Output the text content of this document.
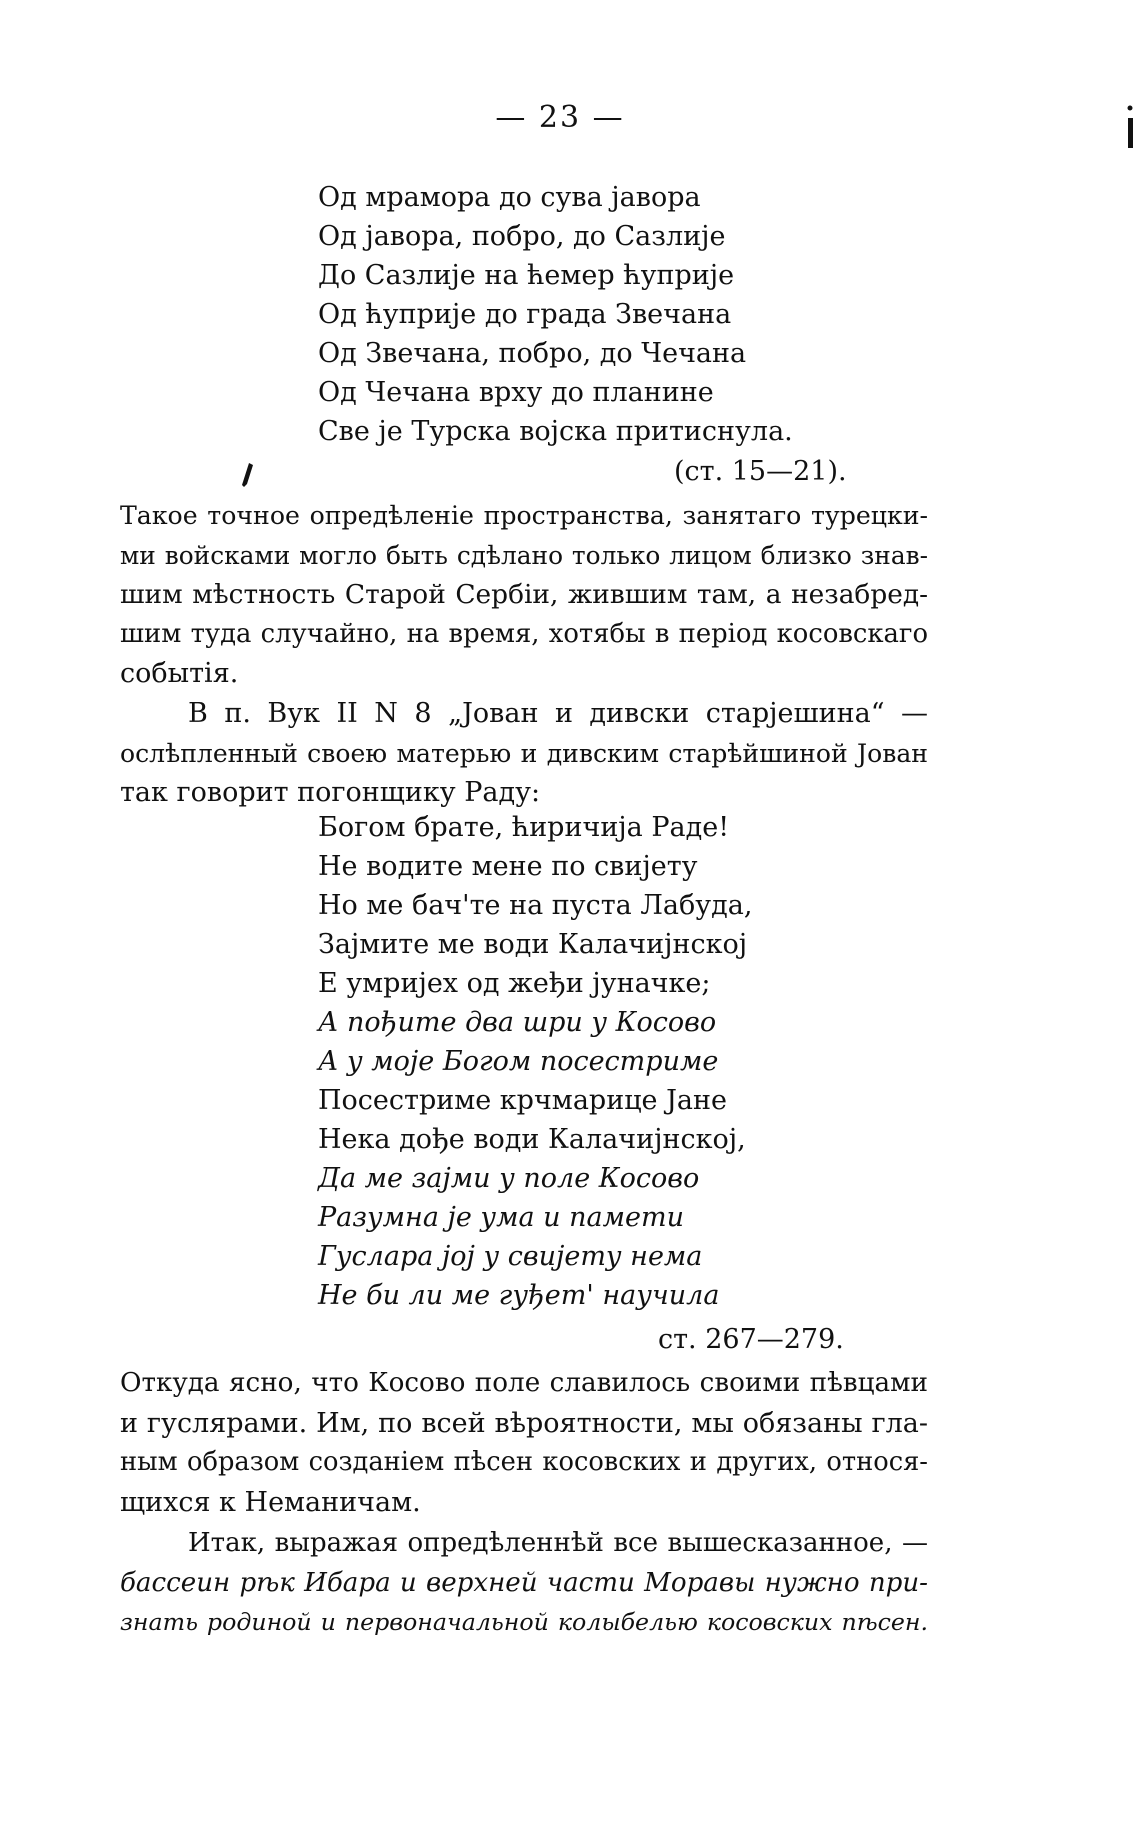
— 23 —
Од мрамора до сува јавора
Од јавора, побро, до Сазлије
До Сазлије на ћемер ћуприје
Од ћуприје до града Звечана
Од Звечана, побро, до Чечана
Од Чечана врху до планине
Све је Турска војска притиснула.
(ст. 15—21).
Такое точное опредѣленіе пространства, занятаго турецки-
ми войсками могло быть сдѣлано только лицом близко знав-
шим мѣстность Старой Сербіи, жившим там, а незабред-
шим туда случайно, на время, хотябы в період косовскаго
событія.
В п. Вук II N 8 „Јован и дивски старјешина“ —
ослѣпленный своею матерью и дивским старѣйшиной Јован
так говорит погонщику Раду:
Богом брате, ћиричија Раде!
Не водите мене по свијету
Но ме бач'те на пуста Лабуда,
Зајмите ме води Калачијнској
Е умријех од жеђи јуначке;
А пођите два шри у Косово
А у моје Богом посестриме
Посестриме крчмарице Јане
Нека дође води Калачијнској,
Да ме зајми у поле Косово
Разумна је ума и памети
Гуслара јој у свијету нема
Не би ли ме гуђет' научила
ст. 267—279.
Откуда ясно, что Косово поле славилось своими пѣвцами
и гуслярами. Им, по всей вѣроятности, мы обязаны гла-
ным образом созданіем пѣсен косовских и других, относя-
щихся к Неманичам.
Итак, выражая опредѣленнѣй все вышесказанное, —
бассеин рѣк Ибара и верхней части Моравы нужно при-
знать родиной и первоначальной колыбелью косовских пѣсен.
